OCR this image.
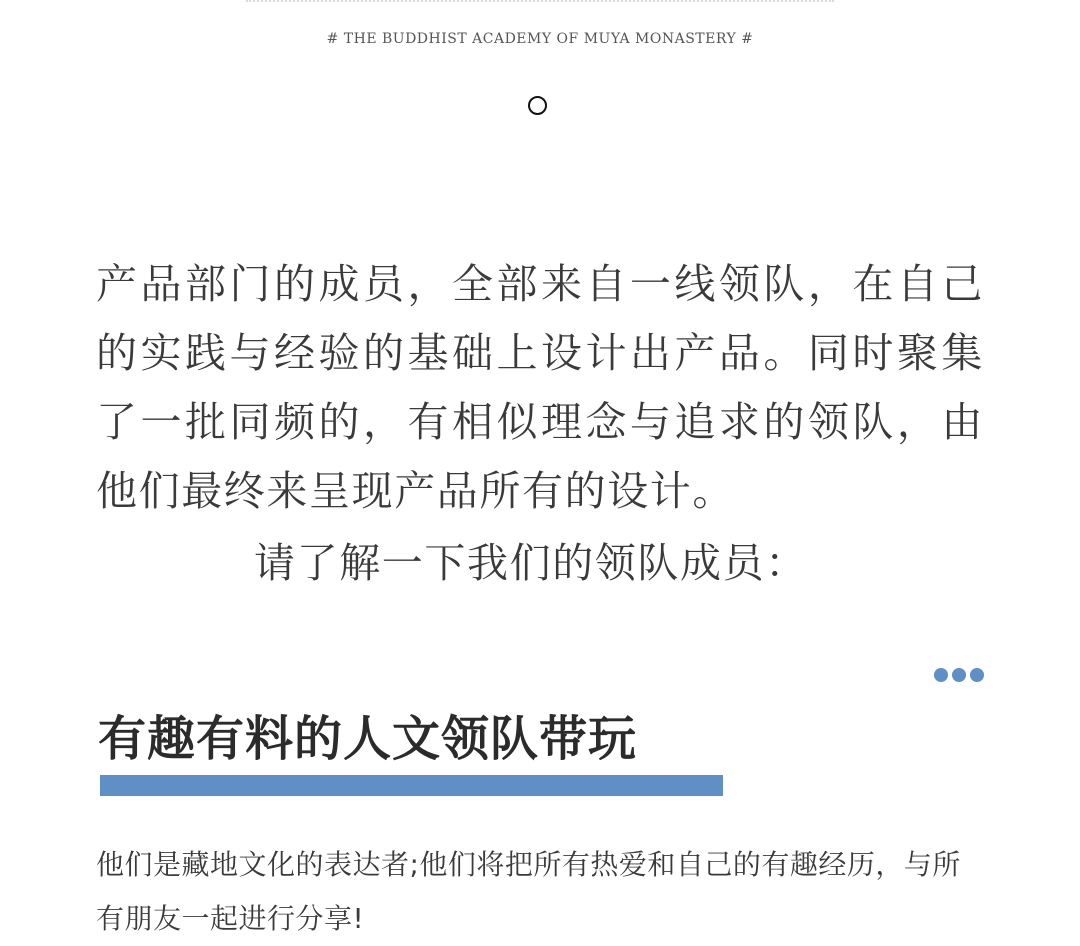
# THE BUDDHIST ACADEMY OF MUYA MONASTERY #

产品部门的成员，全部来自一线领队，在自己的实践与经验的基础上设计出产品。同时聚集了一批同频的，有相似理念与追求的领队，由他们最终来呈现产品所有的设计。

请了解一下我们的领队成员：

有趣有料的人文领队带玩

他们是藏地文化的表达者;他们将把所有热爱和自己的有趣经历，与所有朋友一起进行分享!
